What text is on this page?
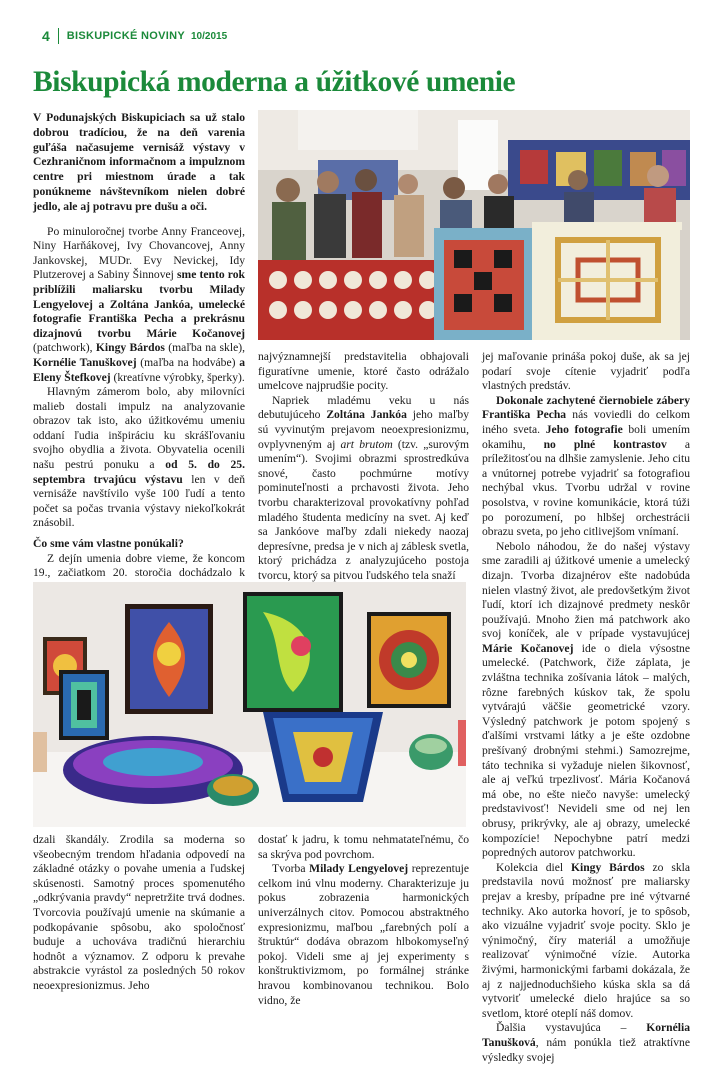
4 BISKUPICKÉ NOVINY 10/2015
Biskupická moderna a úžitkové umenie

V Podunajských Biskupiciach sa už stalo dobrou tradíciou, že na deň varenia guľáša načasujeme vernisáž výstavy v Cezhraničnom informačnom a impulznom centre pri miestnom úrade a tak ponúkneme návštevníkom nielen dobré jedlo, ale aj potravu pre dušu a oči.

Po minuloročnej tvorbe Anny Franceovej, Niny Harňákovej, Ivy Chovancovej, Anny Jankovskej, MUDr. Evy Nevickej, Idy Plutzerovej a Sabiny Šinnovej sme tento rok priblížili maliarsku tvorbu Milady Lengyelovej a Zoltána Jankóa, umelecké fotografie Františka Pecha a prekrásnu dizajnovú tvorbu Márie Kočanovej (patchwork), Kingy Bárdos (maľba na skle), Kornélie Tanuškovej (maľba na hodvábe) a Eleny Štefkovej (kreatívne výrobky, šperky).

Hlavným zámerom bolo, aby milovníci malieb dostali impulz na analyzovanie obrazov tak isto, ako úžitkovému umeniu oddaní ľudia inšpiráciu ku skrášľovaniu svojho obydlia a života. Obyvatelia ocenili našu pestrú ponuku a od 5. do 25. septembra trvajúcu výstavu len v deň vernisáže navštívilo vyše 100 ľudí a tento počet sa počas trvania výstavy niekoľkokrát znásobil.

Čo sme vám vlastne ponúkali?

Z dejín umenia dobre vieme, že koncom 19., začiatkom 20. storočia dochádzalo k

najvýznamnejší predstavitelia obhajovali figuratívne umenie, ktoré často odrážalo umelcove najprudšie pocity.

Napriek mladému veku u nás debutujúceho Zoltána Jankóa jeho maľby sú vyvinutým prejavom neoexpresionizmu, ovplyvneným aj art brutom (tzv. „surovým umením“). Svojimi obrazmi sprostredkúva snové, často pochmúrne motívy pominuteľnosti a prchavosti života. Jeho tvorbu charakterizoval provokatívny pohľad mladého študenta medicíny na svet. Aj keď sa Jankóove maľby zdali niekedy naozaj depresívne, predsa je v nich aj záblesk svetla, ktorý prichádza z analyzujúceho postoja tvorcu, ktorý sa pitvou ľudského tela snaží

jej maľovanie prináša pokoj duše, ak sa jej podarí svoje cítenie vyjadriť podľa vlastných predstáv.

Dokonale zachytené čiernobiele zábery Františka Pecha nás voviedli do celkom iného sveta. Jeho fotografie boli umením okamihu, no plné kontrastov a príležitosťou na dlhšie zamyslenie. Jeho citu a vnútornej potrebe vyjadriť sa fotografiou nechýbal vkus. Tvorbu udržal v rovine posolstva, v rovine komunikácie, ktorá túži po porozumení, po hlbšej orchestrácii obrazu sveta, po jeho citlivejšom vnímaní.

Nebolo náhodou, že do našej výstavy sme zaradili aj úžitkové umenie a umelecký dizajn. Tvorba dizajnérov ešte nadobúda nielen vlastný život, ale predovšetkým život ľudí, ktorí ich dizajnové predmety neskôr používajú. Mnoho žien má patchwork ako svoj koníček, ale v prípade vystavujúcej Márie Kočanovej ide o diela výsostne umelecké. (Patchwork, čiže záplata, je zvláštna technika zošívania látok – malých, rôzne farebných kúskov tak, že spolu vytvárajú väčšie geometrické vzory. Výsledný patchwork je potom spojený s ďalšími vrstvami látky a je ešte ozdobne prešívaný drobnými stehmi.) Samozrejme, táto technika si vyžaduje nielen šikovnosť, ale aj veľkú trpezlivosť. Mária Kočanová má obe, no ešte niečo navyše: umelecký predstavivosť! Nevideli sme od nej len obrusy, prikrývky, ale aj obrazy, umelecké kompozície! Nepochybne patrí medzi popredných autorov patchworku.

Kolekcia diel Kingy Bárdos zo skla predstavila novú možnosť pre maliarsky prejav a kresby, prípadne pre iné výtvarné techniky. Ako autorka hovorí, je to spôsob, ako vizuálne vyjadriť svoje pocity. Sklo je výnimočný, číry materiál a umožňuje realizovať výnimočné vízie. Autorka živými, harmonickými farbami dokázala, že aj z najjednoduchšieho kúska skla sa dá vytvoriť umelecké dielo hrajúce sa so svetlom, ktoré oteplí náš domov.

Ďalšia vystavujúca – Kornélia Tanušková, nám ponúkla tiež atraktívne výsledky svojej

dzali škandály. Zrodila sa moderna so všeobecným trendom hľadania odpovedí na základné otázky o povahe umenia a ľudskej skúsenosti. Samotný proces spomenutého „odkrývania pravdy“ nepretržite trvá dodnes. Tvorcovia používajú umenie na skúmanie a podkopávanie spôsobu, ako spoločnosť buduje a uchováva tradičnú hierarchiu hodnôt a významov. Z odporu k prevahe abstrakcie vyrástol za posledných 50 rokov neoexpresionizmus. Jeho

dostať k jadru, k tomu nehmatateľnému, čo sa skrýva pod povrchom.

Tvorba Milady Lengyelovej reprezentuje celkom inú vlnu moderny. Charakterizuje ju pokus zobrazenia harmonických univerzálnych citov. Pomocou abstraktného expresionizmu, maľbou „farebných polí a štruktúr“ dodáva obrazom hlbokomyseľný pokoj. Videli sme aj jej experimenty s konštruktivizmom, po formálnej stránke hravou kombinovanou technikou. Bolo vidno, že
